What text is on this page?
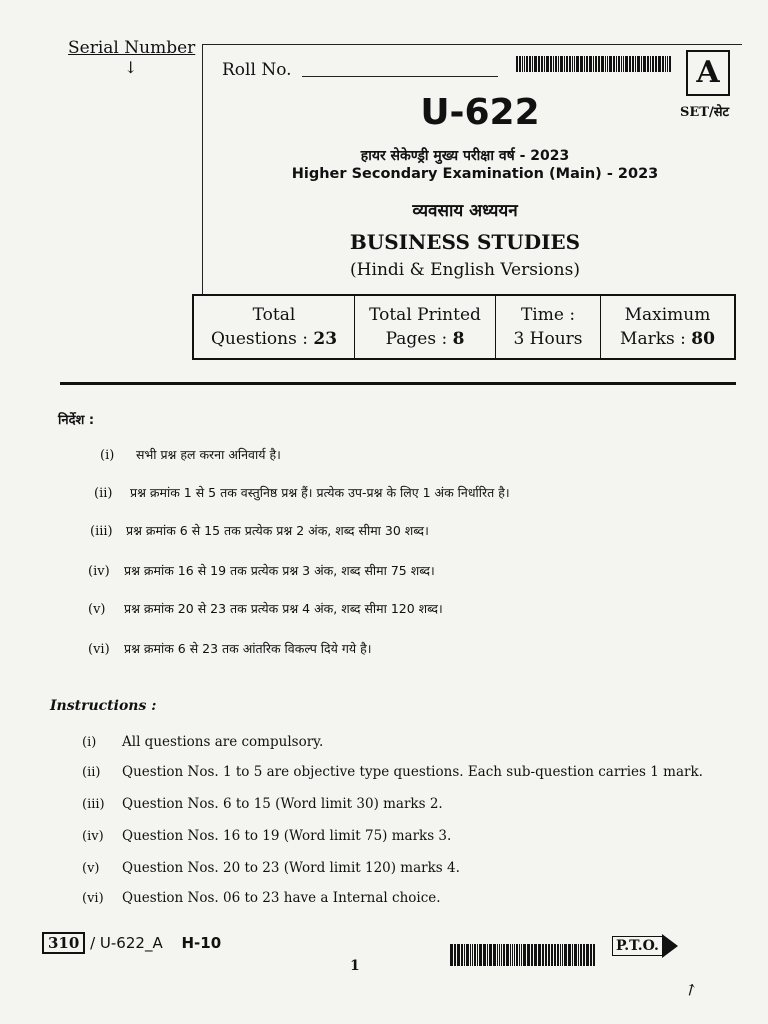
Serial Number
↓	Roll No.	A
SET/सेट
U-622
हायर सेकेण्ड्री मुख्य परीक्षा वर्ष - 2023
Higher Secondary Examination (Main) - 2023
व्यवसाय अध्ययन
BUSINESS STUDIES
(Hindi & English Versions)
Total
Questions : 23
Total Printed
Pages : 8
Time :
3 Hours
Maximum
Marks : 80
निर्देश :
(i) सभी प्रश्न हल करना अनिवार्य है।
(ii) प्रश्न क्रमांक 1 से 5 तक वस्तुनिष्ठ प्रश्न हैं। प्रत्येक उप-प्रश्न के लिए 1 अंक निर्धारित है।
(iii) प्रश्न क्रमांक 6 से 15 तक प्रत्येक प्रश्न 2 अंक, शब्द सीमा 30 शब्द।
(iv) प्रश्न क्रमांक 16 से 19 तक प्रत्येक प्रश्न 3 अंक, शब्द सीमा 75 शब्द।
(v) प्रश्न क्रमांक 20 से 23 तक प्रत्येक प्रश्न 4 अंक, शब्द सीमा 120 शब्द।
(vi) प्रश्न क्रमांक 6 से 23 तक आंतरिक विकल्प दिये गये है।
Instructions :
(i) All questions are compulsory.
(ii) Question Nos. 1 to 5 are objective type questions. Each sub-question carries 1 mark.
(iii) Question Nos. 6 to 15 (Word limit 30) marks 2.
(iv) Question Nos. 16 to 19 (Word limit 75) marks 3.
(v) Question Nos. 20 to 23 (Word limit 120) marks 4.
(vi) Question Nos. 06 to 23 have a Internal choice.
310 / U-622_A H-10
1
P.T.O.
↗
